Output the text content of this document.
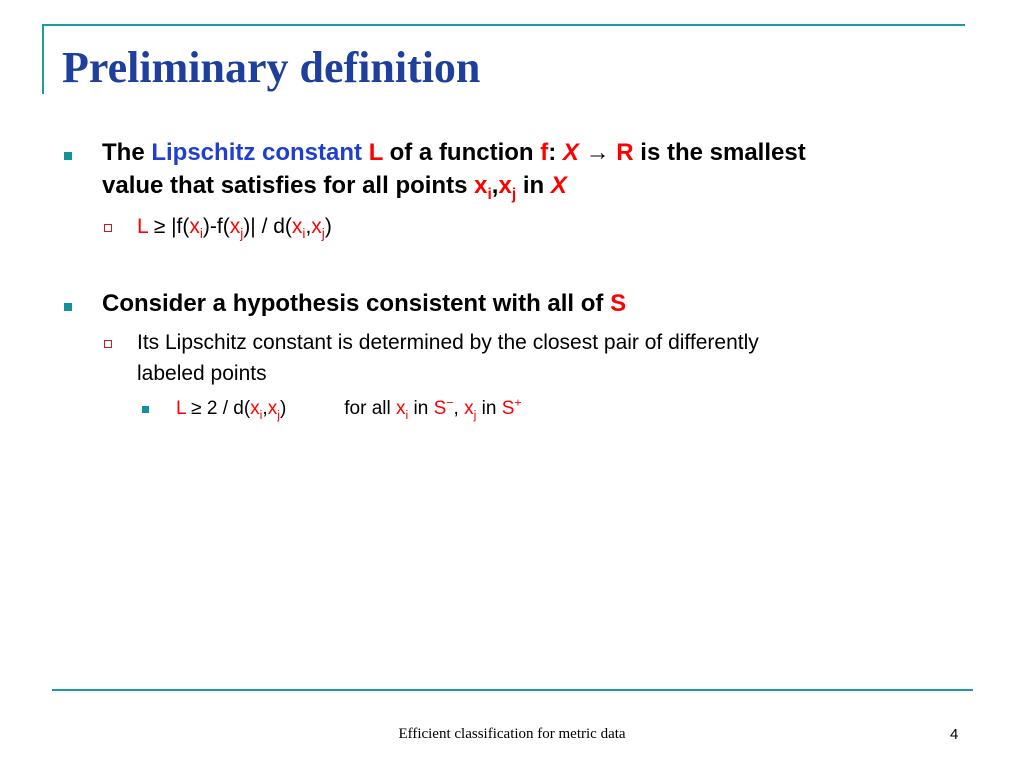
Preliminary definition
The Lipschitz constant L of a function f: X → R is the smallest
value that satisfies for all points $x_i,x_j$ in X
$L \ge |f(x_i)-f(x_j)| / d(x_i,x_j)$
Consider a hypothesis consistent with all of S
Its Lipschitz constant is determined by the closest pair of differently
labeled points
$L \ge 2 / d(x_i,x_j)$	for all $x_i$ in S−, $x_j$ in S+
Efficient classification for metric data	4
